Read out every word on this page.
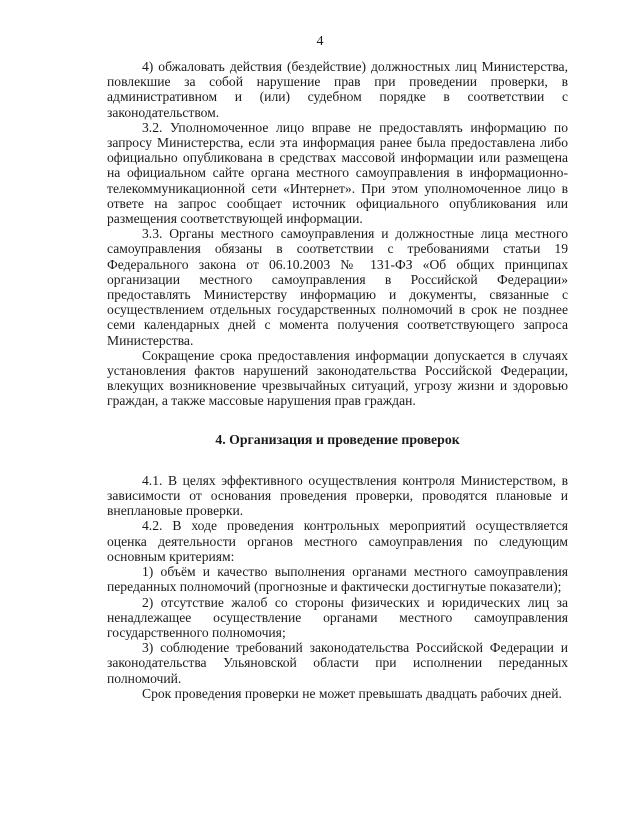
4

4) обжаловать действия (бездействие) должностных лиц Министерства, повлекшие за собой нарушение прав при проведении проверки, в административном и (или) судебном порядке в соответствии с законодательством.

3.2. Уполномоченное лицо вправе не предоставлять информацию по запросу Министерства, если эта информация ранее была предоставлена либо официально опубликована в средствах массовой информации или размещена на официальном сайте органа местного самоуправления в информационно-телекоммуникационной сети «Интернет». При этом уполномоченное лицо в ответе на запрос сообщает источник официального опубликования или размещения соответствующей информации.

3.3. Органы местного самоуправления и должностные лица местного самоуправления обязаны в соответствии с требованиями статьи 19 Федерального закона от 06.10.2003 № 131-ФЗ «Об общих принципах организации местного самоуправления в Российской Федерации» предоставлять Министерству информацию и документы, связанные с осуществлением отдельных государственных полномочий в срок не позднее семи календарных дней с момента получения соответствующего запроса Министерства.

Сокращение срока предоставления информации допускается в случаях установления фактов нарушений законодательства Российской Федерации, влекущих возникновение чрезвычайных ситуаций, угрозу жизни и здоровью граждан, а также массовые нарушения прав граждан.

4. Организация и проведение проверок

4.1. В целях эффективного осуществления контроля Министерством, в зависимости от основания проведения проверки, проводятся плановые и внеплановые проверки.

4.2. В ходе проведения контрольных мероприятий осуществляется оценка деятельности органов местного самоуправления по следующим основным критериям:

1) объём и качество выполнения органами местного самоуправления переданных полномочий (прогнозные и фактически достигнутые показатели);

2) отсутствие жалоб со стороны физических и юридических лиц за ненадлежащее осуществление органами местного самоуправления государственного полномочия;

3) соблюдение требований законодательства Российской Федерации и законодательства Ульяновской области при исполнении переданных полномочий.

Срок проведения проверки не может превышать двадцать рабочих дней.
